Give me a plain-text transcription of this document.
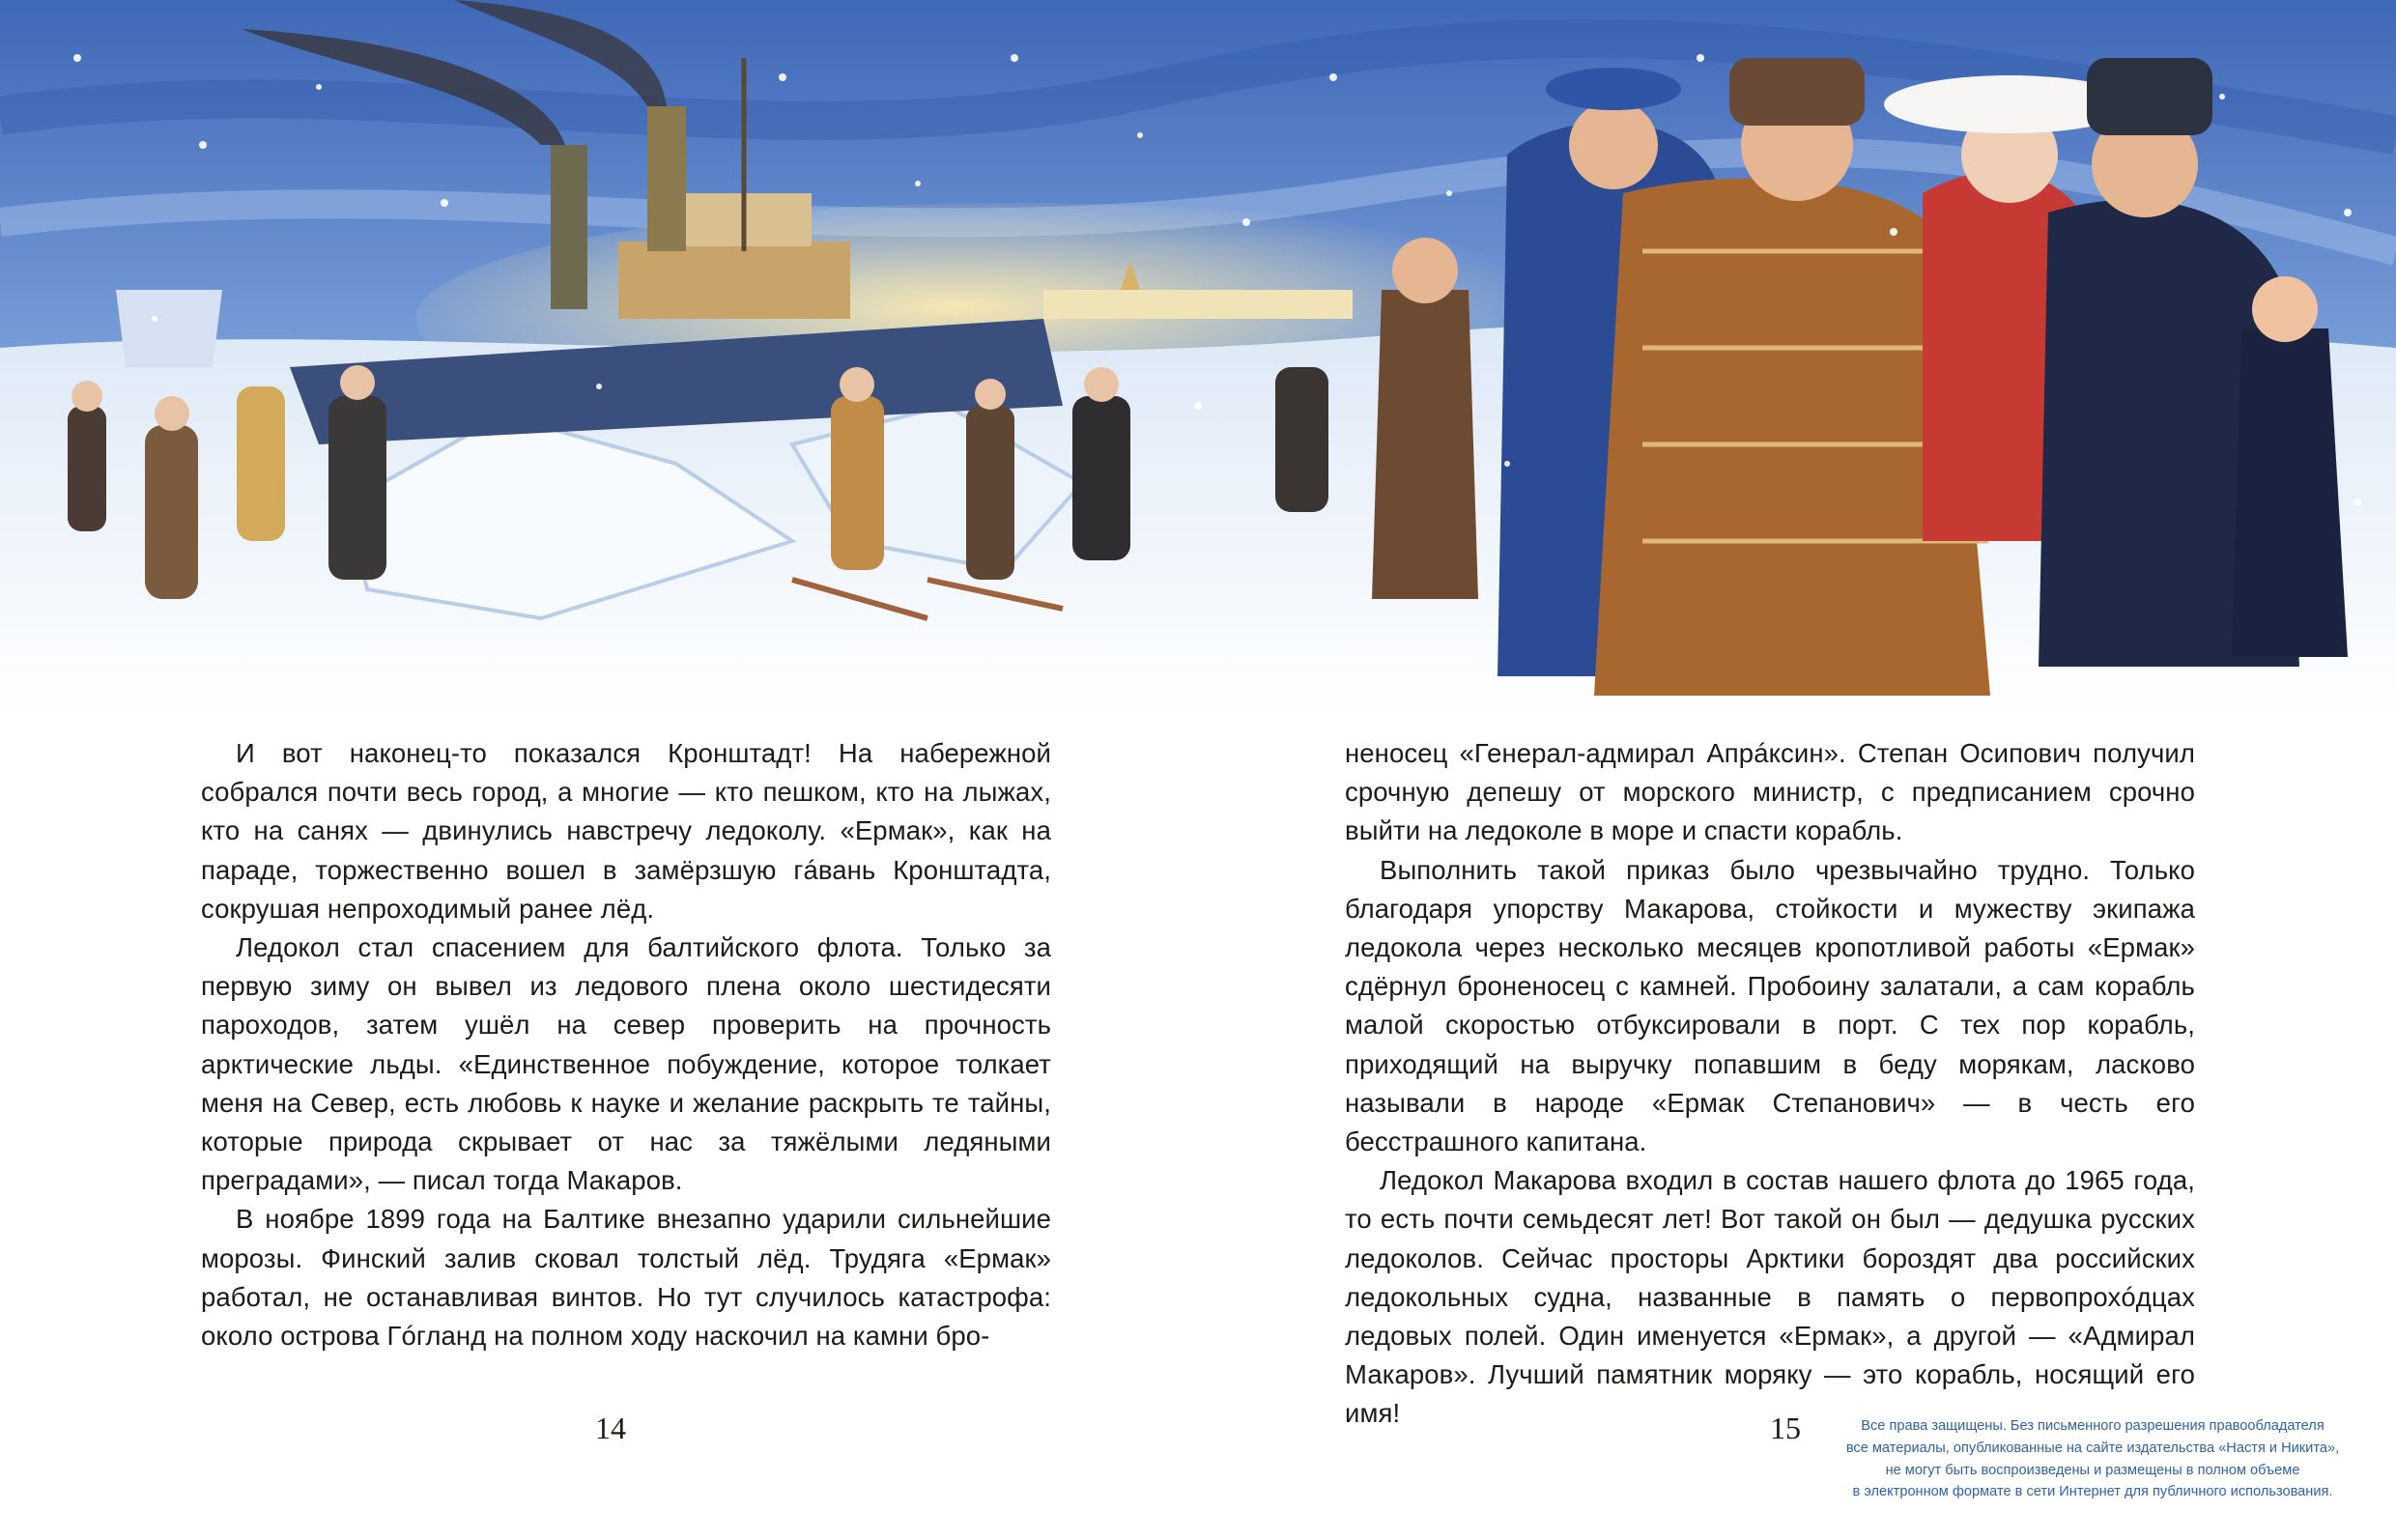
И вот наконец-то показался Кронштадт! На набережной собрался почти весь город, а многие — кто пешком, кто на лыжах, кто на санях — двинулись навстречу ледоколу. «Ермак», как на параде, торжественно вошел в замёрзшую гáвань Кронштадта, сокрушая непроходимый ранее лёд.

Ледокол стал спасением для балтийского флота. Только за первую зиму он вывел из ледового плена около шестидесяти пароходов, затем ушёл на север проверить на прочность арктические льды. «Единственное побуждение, которое толкает меня на Север, есть любовь к науке и желание раскрыть те тайны, которые природа скрывает от нас за тяжёлыми ледяными преградами», — писал тогда Макаров.

В ноябре 1899 года на Балтике внезапно ударили сильнейшие морозы. Финский залив сковал толстый лёд. Трудяга «Ермак» работал, не останавливая винтов. Но тут случилось катастрофа: около острова Гóгланд на полном ходу наскочил на камни бро-

неносец «Генерал-адмирал Апрáксин». Степан Осипович получил срочную депешу от морского министр, с предписанием срочно выйти на ледоколе в море и спасти корабль.

Выполнить такой приказ было чрезвычайно трудно. Только благодаря упорству Макарова, стойкости и мужеству экипажа ледокола через несколько месяцев кропотливой работы «Ермак» сдёрнул броненосец с камней. Пробоину залатали, а сам корабль малой скоростью отбуксировали в порт. С тех пор корабль, приходящий на выручку попавшим в беду морякам, ласково называли в народе «Ермак Степанович» — в честь его бесстрашного капитана.

Ледокол Макарова входил в состав нашего флота до 1965 года, то есть почти семьдесят лет! Вот такой он был — дедушка русских ледоколов. Сейчас просторы Арктики бороздят два российских ледокольных судна, названные в память о первопрохóдцах ледовых полей. Один именуется «Ермак», а другой — «Адмирал Макаров». Лучший памятник моряку — это корабль, носящий его имя!

14	15	Все права защищены. Без письменного разрешения правообладателя
все материалы, опубликованные на сайте издательства «Настя и Никита»,
не могут быть воспроизведены и размещены в полном объеме
в электронном формате в сети Интернет для публичного использования.
